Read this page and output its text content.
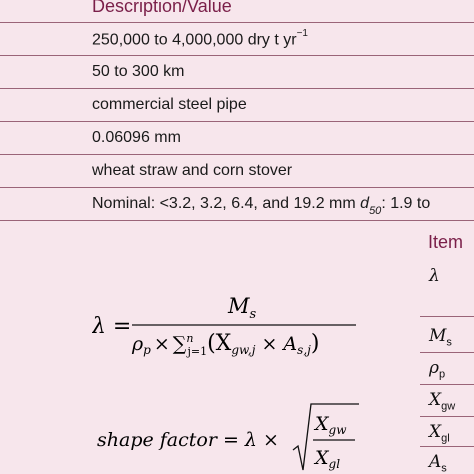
Description/Value
250,000 to 4,000,000 dry t $yr^{-1}$
50 to 300 km
commercial steel pipe
0.06096 mm
wheat straw and corn stover
Nominal: <3.2, 3.2, 6.4, and 19.2 mm $d_{50}$: 1.9 to
λ =
$M_s$
$\rho_p \times \sum^n$ $j=1(X_{gw,j} \times A_{s,j})$
shape factor = λ ×
$X_{gw}$
$X_{gl}$
Item
λ
$M_s$
$\rho_p$
$X_{gw}$
$X_{gl}$
$A_s$
